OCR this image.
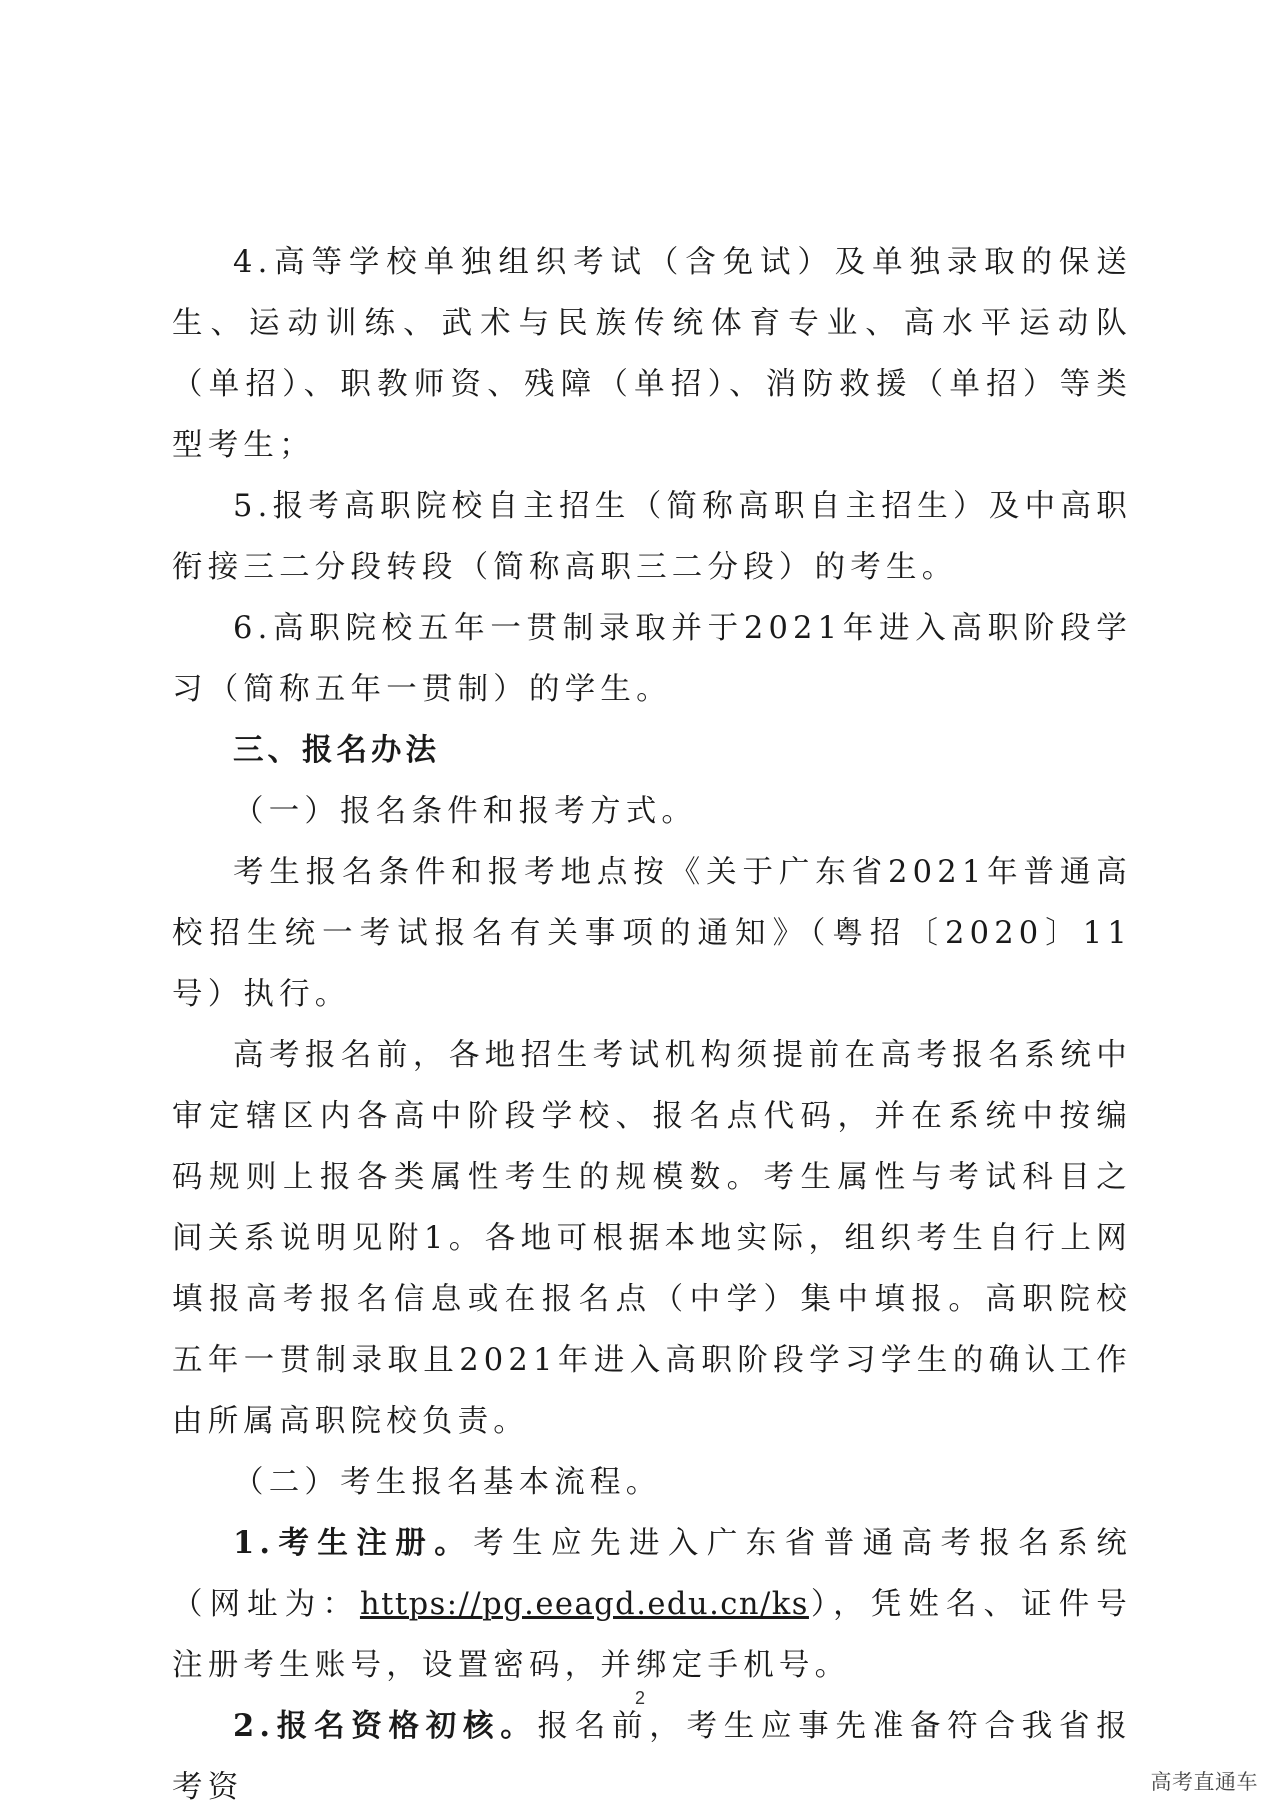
4.高等学校单独组织考试（含免试）及单独录取的保送生、运动训练、武术与民族传统体育专业、高水平运动队（单招）、职教师资、残障（单招）、消防救援（单招）等类型考生；

5.报考高职院校自主招生（简称高职自主招生）及中高职衔接三二分段转段（简称高职三二分段）的考生。

6.高职院校五年一贯制录取并于2021年进入高职阶段学习（简称五年一贯制）的学生。

三、报名办法

（一）报名条件和报考方式。

考生报名条件和报考地点按《关于广东省2021年普通高校招生统一考试报名有关事项的通知》（粤招〔2020〕11号）执行。

高考报名前，各地招生考试机构须提前在高考报名系统中审定辖区内各高中阶段学校、报名点代码，并在系统中按编码规则上报各类属性考生的规模数。考生属性与考试科目之间关系说明见附1。各地可根据本地实际，组织考生自行上网填报高考报名信息或在报名点（中学）集中填报。高职院校五年一贯制录取且2021年进入高职阶段学习学生的确认工作由所属高职院校负责。

（二）考生报名基本流程。

1.考生注册。考生应先进入广东省普通高考报名系统（网址为：https://pg.eeagd.edu.cn/ks），凭姓名、证件号注册考生账号，设置密码，并绑定手机号。

2.报名资格初核。报名前，考生应事先准备符合我省报考资

2
高考直通车
